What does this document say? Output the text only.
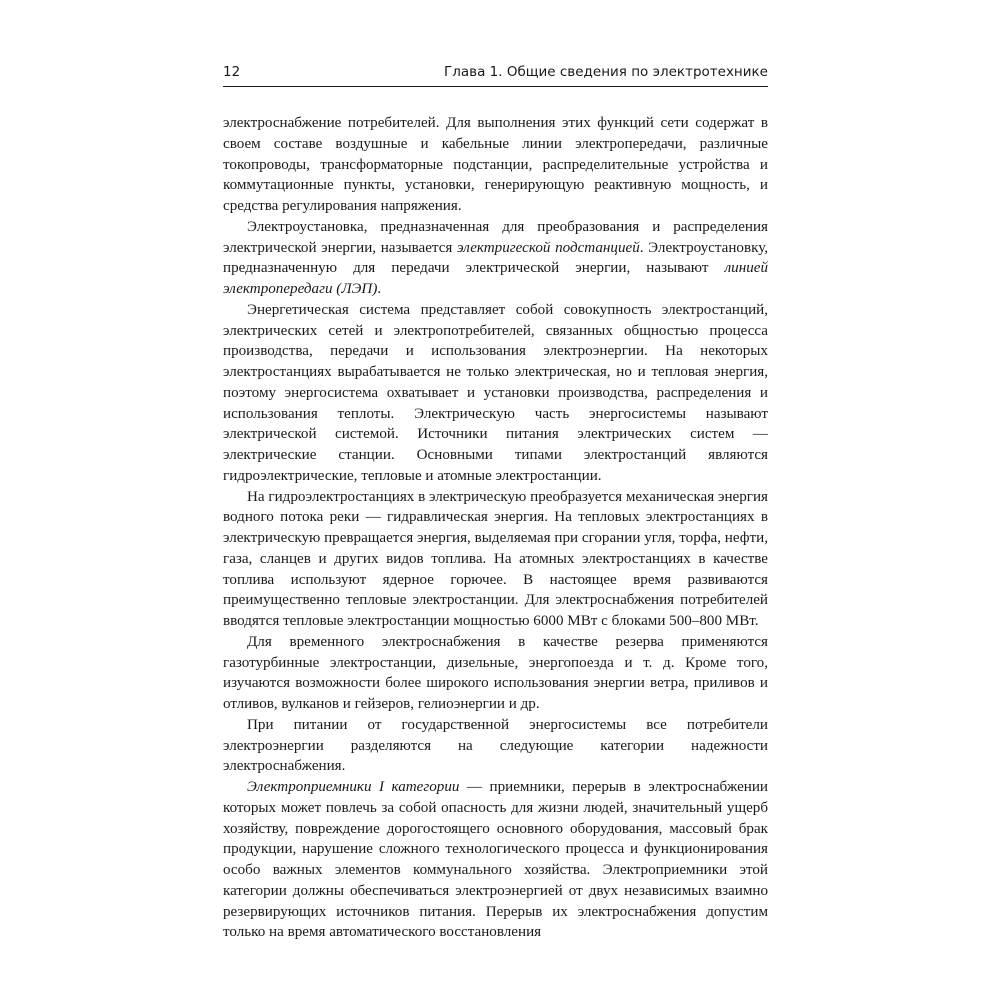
12	Глава 1. Общие сведения по электротехнике

электроснабжение потребителей. Для выполнения этих функций сети содержат в своем составе воздушные и кабельные линии электропередачи, различные токопроводы, трансформаторные подстанции, распределительные устройства и коммутационные пункты, установки, генерирующую реактивную мощность, и средства регулирования напряжения.

Электроустановка, предназначенная для преобразования и распределения электрической энергии, называется электригеской подстанцией. Электроустановку, предназначенную для передачи электрической энергии, называют линией электропередаги (ЛЭП).

Энергетическая система представляет собой совокупность электростанций, электрических сетей и электропотребителей, связанных общностью процесса производства, передачи и использования электроэнергии. На некоторых электростанциях вырабатывается не только электрическая, но и тепловая энергия, поэтому энергосистема охватывает и установки производства, распределения и использования теплоты. Электрическую часть энергосистемы называют электрической системой. Источники питания электрических систем — электрические станции. Основными типами электростанций являются гидроэлектрические, тепловые и атомные электростанции.

На гидроэлектростанциях в электрическую преобразуется механическая энергия водного потока реки — гидравлическая энергия. На тепловых электростанциях в электрическую превращается энергия, выделяемая при сгорании угля, торфа, нефти, газа, сланцев и других видов топлива. На атомных электростанциях в качестве топлива используют ядерное горючее. В настоящее время развиваются преимущественно тепловые электростанции. Для электроснабжения потребителей вводятся тепловые электростанции мощностью 6000 МВт с блоками 500–800 МВт.

Для временного электроснабжения в качестве резерва применяются газотурбинные электростанции, дизельные, энергопоезда и т. д. Кроме того, изучаются возможности более широкого использования энергии ветра, приливов и отливов, вулканов и гейзеров, гелиоэнергии и др.

При питании от государственной энергосистемы все потребители электроэнергии разделяются на следующие категории надежности электроснабжения.

Электроприемники I категории — приемники, перерыв в электроснабжении которых может повлечь за собой опасность для жизни людей, значительный ущерб хозяйству, повреждение дорогостоящего основного оборудования, массовый брак продукции, нарушение сложного технологического процесса и функционирования особо важных элементов коммунального хозяйства. Электроприемники этой категории должны обеспечиваться электроэнергией от двух независимых взаимно резервирующих источников питания. Перерыв их электроснабжения допустим только на время автоматического восстановления
